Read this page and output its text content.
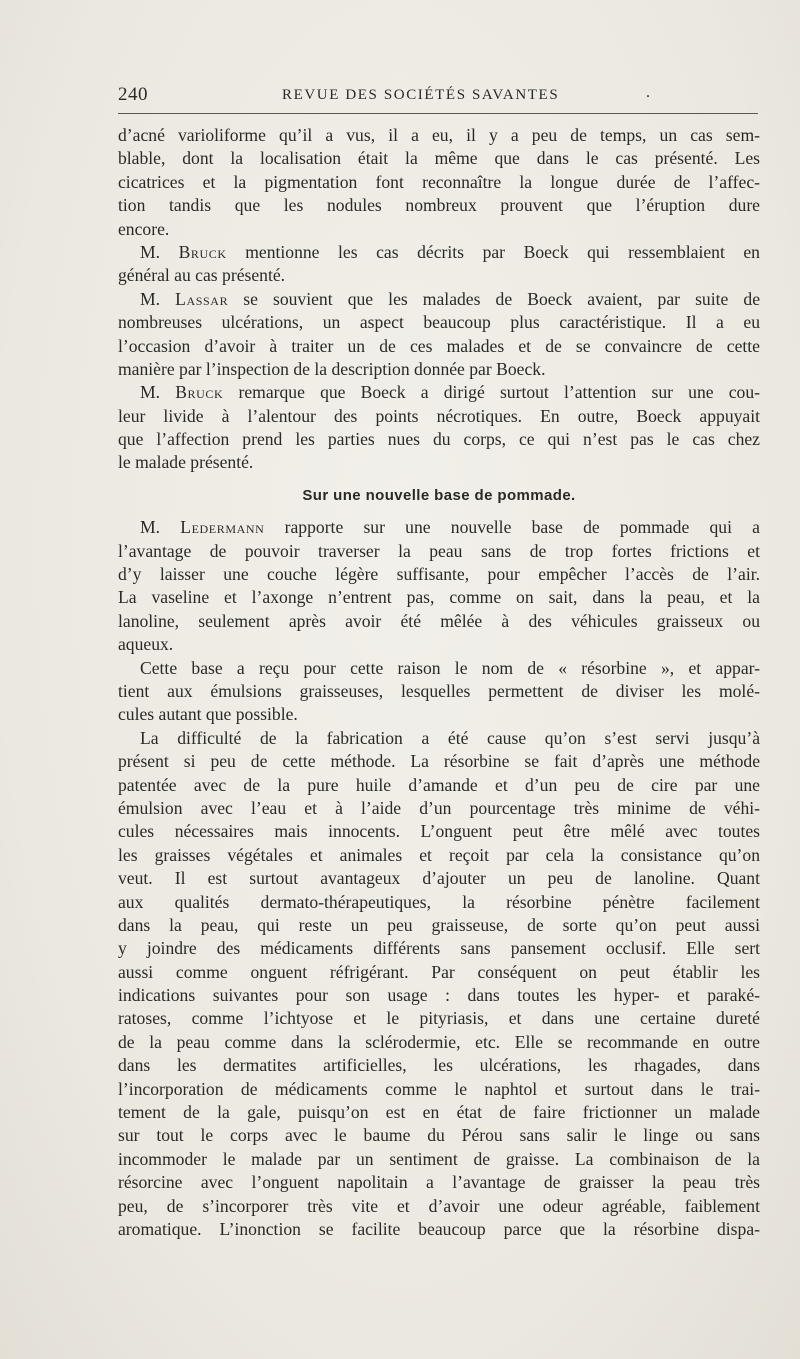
240	REVUE DES SOCIÉTÉS SAVANTES	.
d’acné varioliforme qu’il a vus, il a eu, il y a peu de temps, un cas sem-
blable, dont la localisation était la même que dans le cas présenté. Les
cicatrices et la pigmentation font reconnaître la longue durée de l’affec-
tion tandis que les nodules nombreux prouvent que l’éruption dure
encore.
M. Bruck mentionne les cas décrits par Boeck qui ressemblaient en
général au cas présenté.
M. Lassar se souvient que les malades de Boeck avaient, par suite de
nombreuses ulcérations, un aspect beaucoup plus caractéristique. Il a eu
l’occasion d’avoir à traiter un de ces malades et de se convaincre de cette
manière par l’inspection de la description donnée par Boeck.
M. Bruck remarque que Boeck a dirigé surtout l’attention sur une cou-
leur livide à l’alentour des points nécrotiques. En outre, Boeck appuyait
que l’affection prend les parties nues du corps, ce qui n’est pas le cas chez
le malade présenté.
Sur une nouvelle base de pommade.
M. Ledermann rapporte sur une nouvelle base de pommade qui a
l’avantage de pouvoir traverser la peau sans de trop fortes frictions et
d’y laisser une couche légère suffisante, pour empêcher l’accès de l’air.
La vaseline et l’axonge n’entrent pas, comme on sait, dans la peau, et la
lanoline, seulement après avoir été mêlée à des véhicules graisseux ou
aqueux.
Cette base a reçu pour cette raison le nom de « résorbine », et appar-
tient aux émulsions graisseuses, lesquelles permettent de diviser les molé-
cules autant que possible.
La difficulté de la fabrication a été cause qu’on s’est servi jusqu’à
présent si peu de cette méthode. La résorbine se fait d’après une méthode
patentée avec de la pure huile d’amande et d’un peu de cire par une
émulsion avec l’eau et à l’aide d’un pourcentage très minime de véhi-
cules nécessaires mais innocents. L’onguent peut être mêlé avec toutes
les graisses végétales et animales et reçoit par cela la consistance qu’on
veut. Il est surtout avantageux d’ajouter un peu de lanoline. Quant
aux qualités dermato-thérapeutiques, la résorbine pénètre facilement
dans la peau, qui reste un peu graisseuse, de sorte qu’on peut aussi
y joindre des médicaments différents sans pansement occlusif. Elle sert
aussi comme onguent réfrigérant. Par conséquent on peut établir les
indications suivantes pour son usage : dans toutes les hyper- et paraké-
ratoses, comme l’ichtyose et le pityriasis, et dans une certaine dureté
de la peau comme dans la sclérodermie, etc. Elle se recommande en outre
dans les dermatites artificielles, les ulcérations, les rhagades, dans
l’incorporation de médicaments comme le naphtol et surtout dans le trai-
tement de la gale, puisqu’on est en état de faire frictionner un malade
sur tout le corps avec le baume du Pérou sans salir le linge ou sans
incommoder le malade par un sentiment de graisse. La combinaison de la
résorcine avec l’onguent napolitain a l’avantage de graisser la peau très
peu, de s’incorporer très vite et d’avoir une odeur agréable, faiblement
aromatique. L’inonction se facilite beaucoup parce que la résorbine dispa-
